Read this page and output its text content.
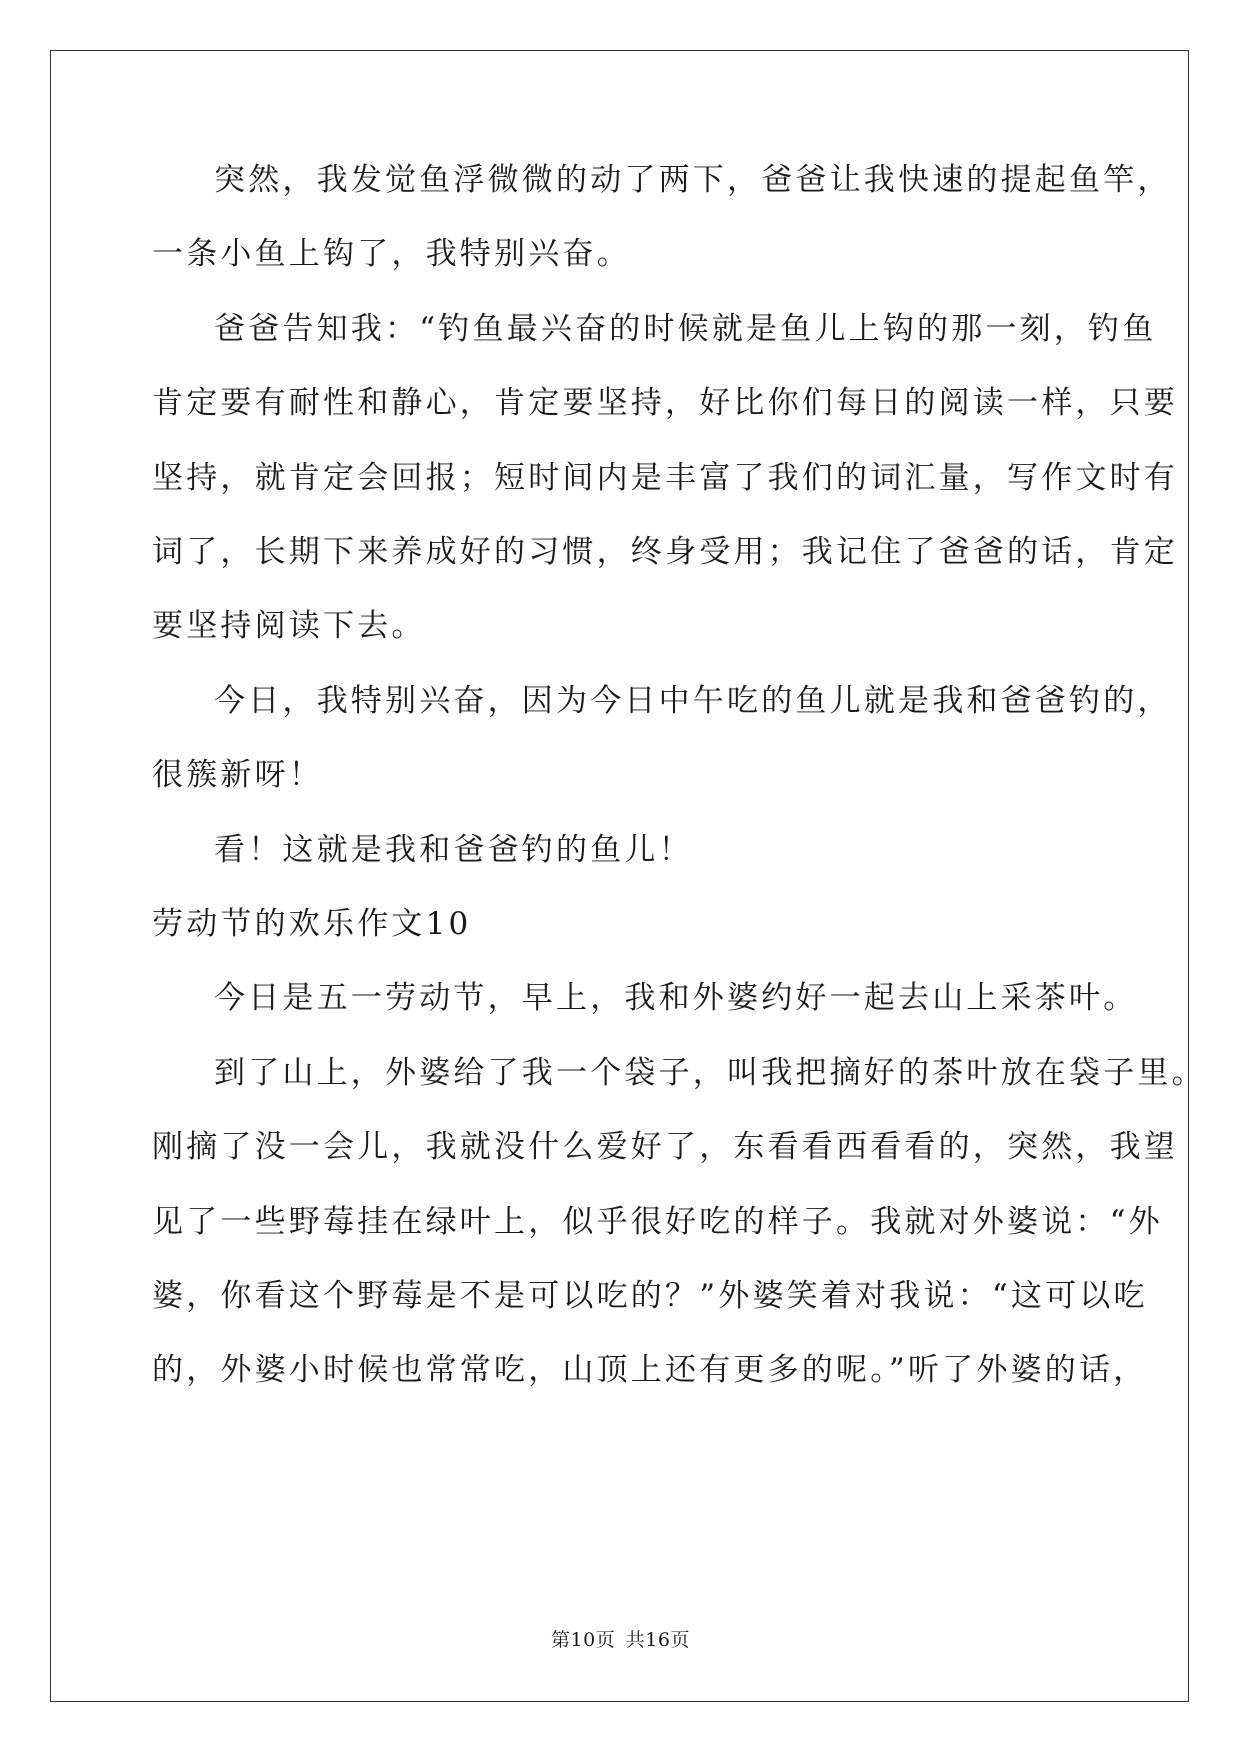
突然，我发觉鱼浮微微的动了两下，爸爸让我快速的提起鱼竿，
一条小鱼上钩了，我特别兴奋。
爸爸告知我：“钓鱼最兴奋的时候就是鱼儿上钩的那一刻，钓鱼
肯定要有耐性和静心，肯定要坚持，好比你们每日的阅读一样，只要
坚持，就肯定会回报；短时间内是丰富了我们的词汇量，写作文时有
词了，长期下来养成好的习惯，终身受用；我记住了爸爸的话，肯定
要坚持阅读下去。
今日，我特别兴奋，因为今日中午吃的鱼儿就是我和爸爸钓的，
很簇新呀！
看！这就是我和爸爸钓的鱼儿！
劳动节的欢乐作文10
今日是五一劳动节，早上，我和外婆约好一起去山上采茶叶。
到了山上，外婆给了我一个袋子，叫我把摘好的茶叶放在袋子里。
刚摘了没一会儿，我就没什么爱好了，东看看西看看的，突然，我望
见了一些野莓挂在绿叶上，似乎很好吃的样子。我就对外婆说：“外
婆，你看这个野莓是不是可以吃的？”外婆笑着对我说：“这可以吃
的，外婆小时候也常常吃，山顶上还有更多的呢。”听了外婆的话，
第10页 共16页
